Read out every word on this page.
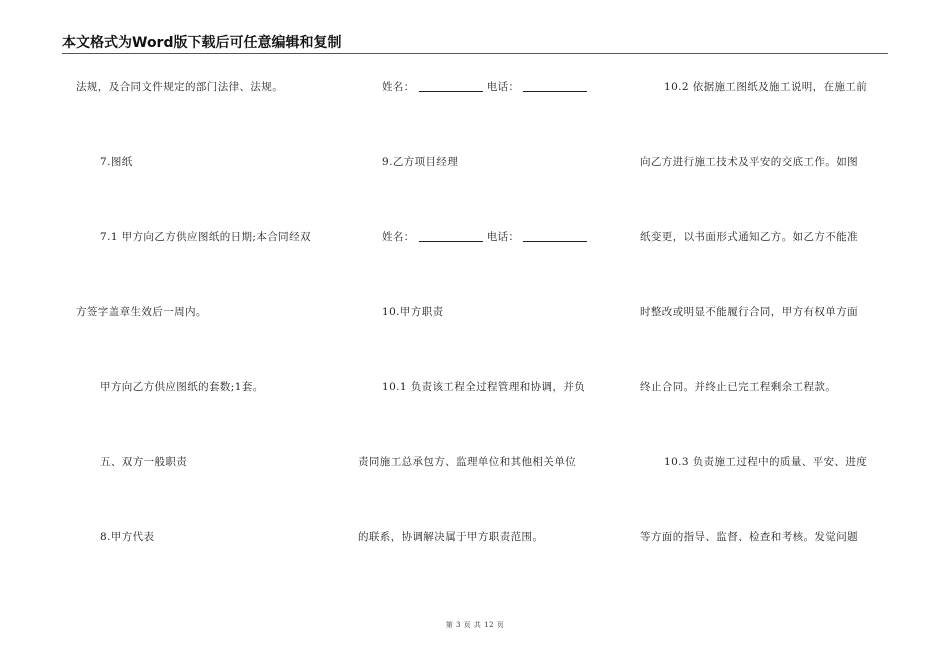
本文格式为Word版下载后可任意编辑和复制
法规，及合同文件规定的部门法律、法规。
7.图纸
7.1 甲方向乙方供应图纸的日期;本合同经双
方签字盖章生效后一周内。
甲方向乙方供应图纸的套数;1套。
五、双方一般职责
8.甲方代表
姓名：	电话：
9.乙方项目经理
姓名：	电话：
10.甲方职责
10.1 负责该工程全过程管理和协调，并负
责同施工总承包方、监理单位和其他相关单位
的联系，协调解决属于甲方职责范围。
10.2 依据施工图纸及施工说明，在施工前
向乙方进行施工技术及平安的交底工作。如图
纸变更，以书面形式通知乙方。如乙方不能准
时整改或明显不能履行合同，甲方有权单方面
终止合同。并终止已完工程剩余工程款。
10.3 负责施工过程中的质量、平安、进度
等方面的指导、监督、检查和考核。发觉问题
第 3 页 共 12 页
